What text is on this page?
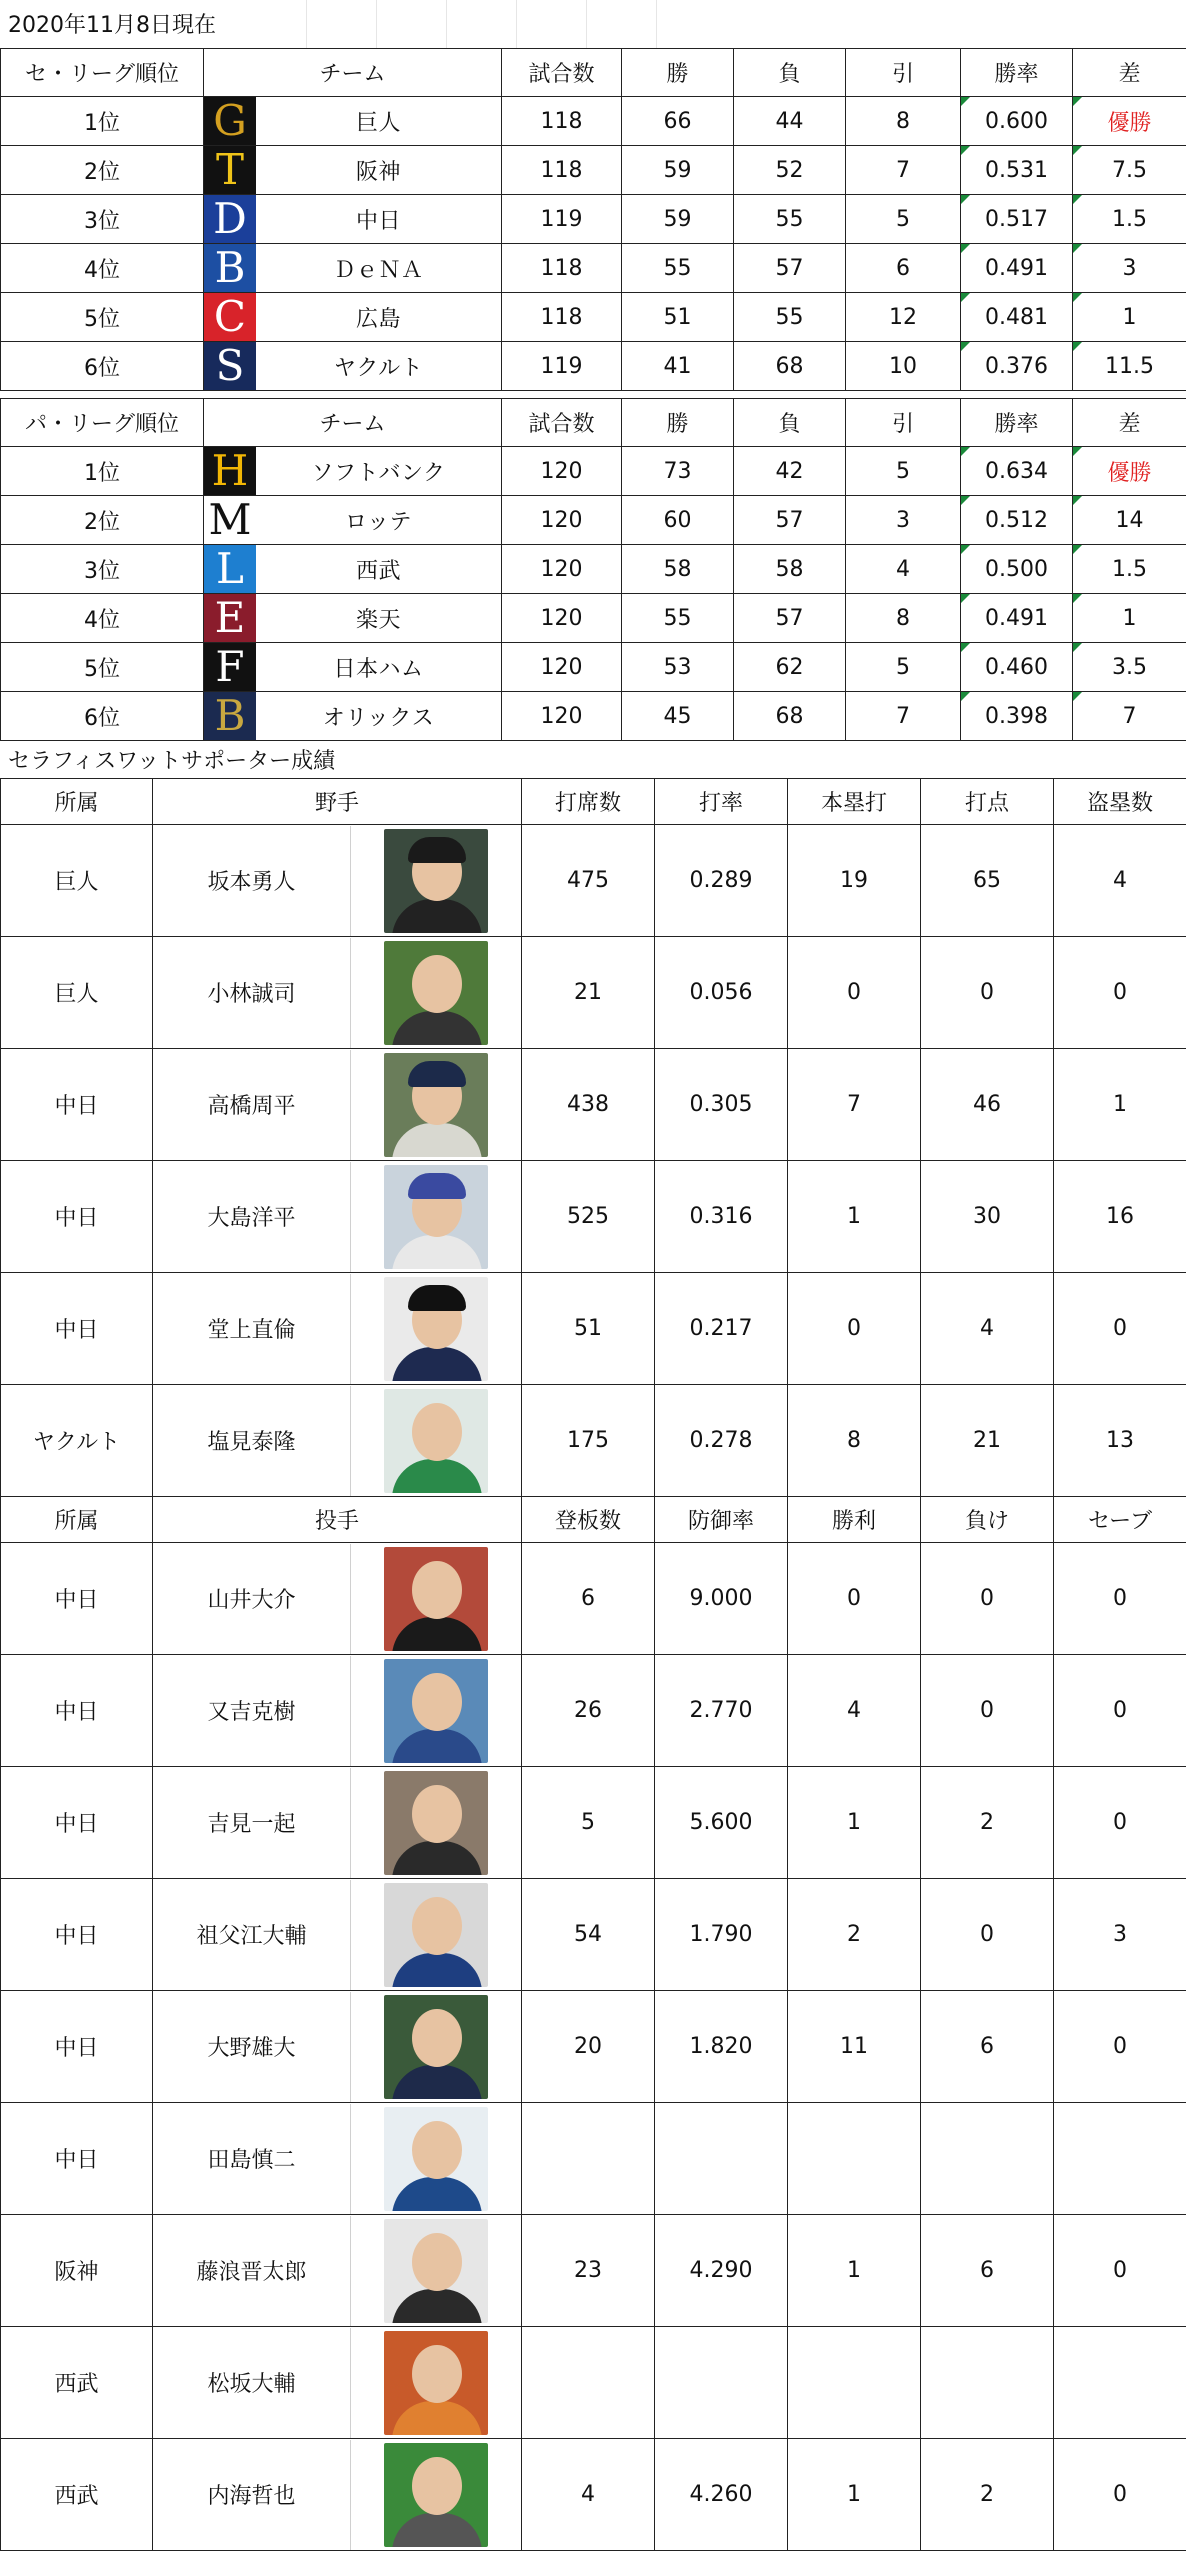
2020年11月8日現在
セ・リーグ順位	チーム	試合数	勝	負	引	勝率	差
1位	G 巨人	118	66	44	8	0.600	優勝
2位	T 阪神	118	59	52	7	0.531	7.5
3位	D 中日	119	59	55	5	0.517	1.5
4位	B ＤｅＮＡ	118	55	57	6	0.491	3
5位	C 広島	118	51	55	12	0.481	1
6位	S ヤクルト	119	41	68	10	0.376	11.5
パ・リーグ順位	チーム	試合数	勝	負	引	勝率	差
1位	H ソフトバンク	120	73	42	5	0.634	優勝
2位	M ロッテ	120	60	57	3	0.512	14
3位	L 西武	120	58	58	4	0.500	1.5
4位	E 楽天	120	55	57	8	0.491	1
5位	F 日本ハム	120	53	62	5	0.460	3.5
6位	B オリックス	120	45	68	7	0.398	7
セラフィスワットサポーター成績
所属	野手	打席数	打率	本塁打	打点	盗塁数
巨人	坂本勇人	475	0.289	19	65	4
巨人	小林誠司	21	0.056	0	0	0
中日	高橋周平	438	0.305	7	46	1
中日	大島洋平	525	0.316	1	30	16
中日	堂上直倫	51	0.217	0	4	0
ヤクルト	塩見泰隆	175	0.278	8	21	13
所属	投手	登板数	防御率	勝利	負け	セーブ
中日	山井大介	6	9.000	0	0	0
中日	又吉克樹	26	2.770	4	0	0
中日	吉見一起	5	5.600	1	2	0
中日	祖父江大輔	54	1.790	2	0	3
中日	大野雄大	20	1.820	11	6	0
中日	田島慎二					

阪神	藤浪晋太郎	23	4.290	1	6	0
西武	松坂大輔					

西武	内海哲也	4	4.260	1	2	0
